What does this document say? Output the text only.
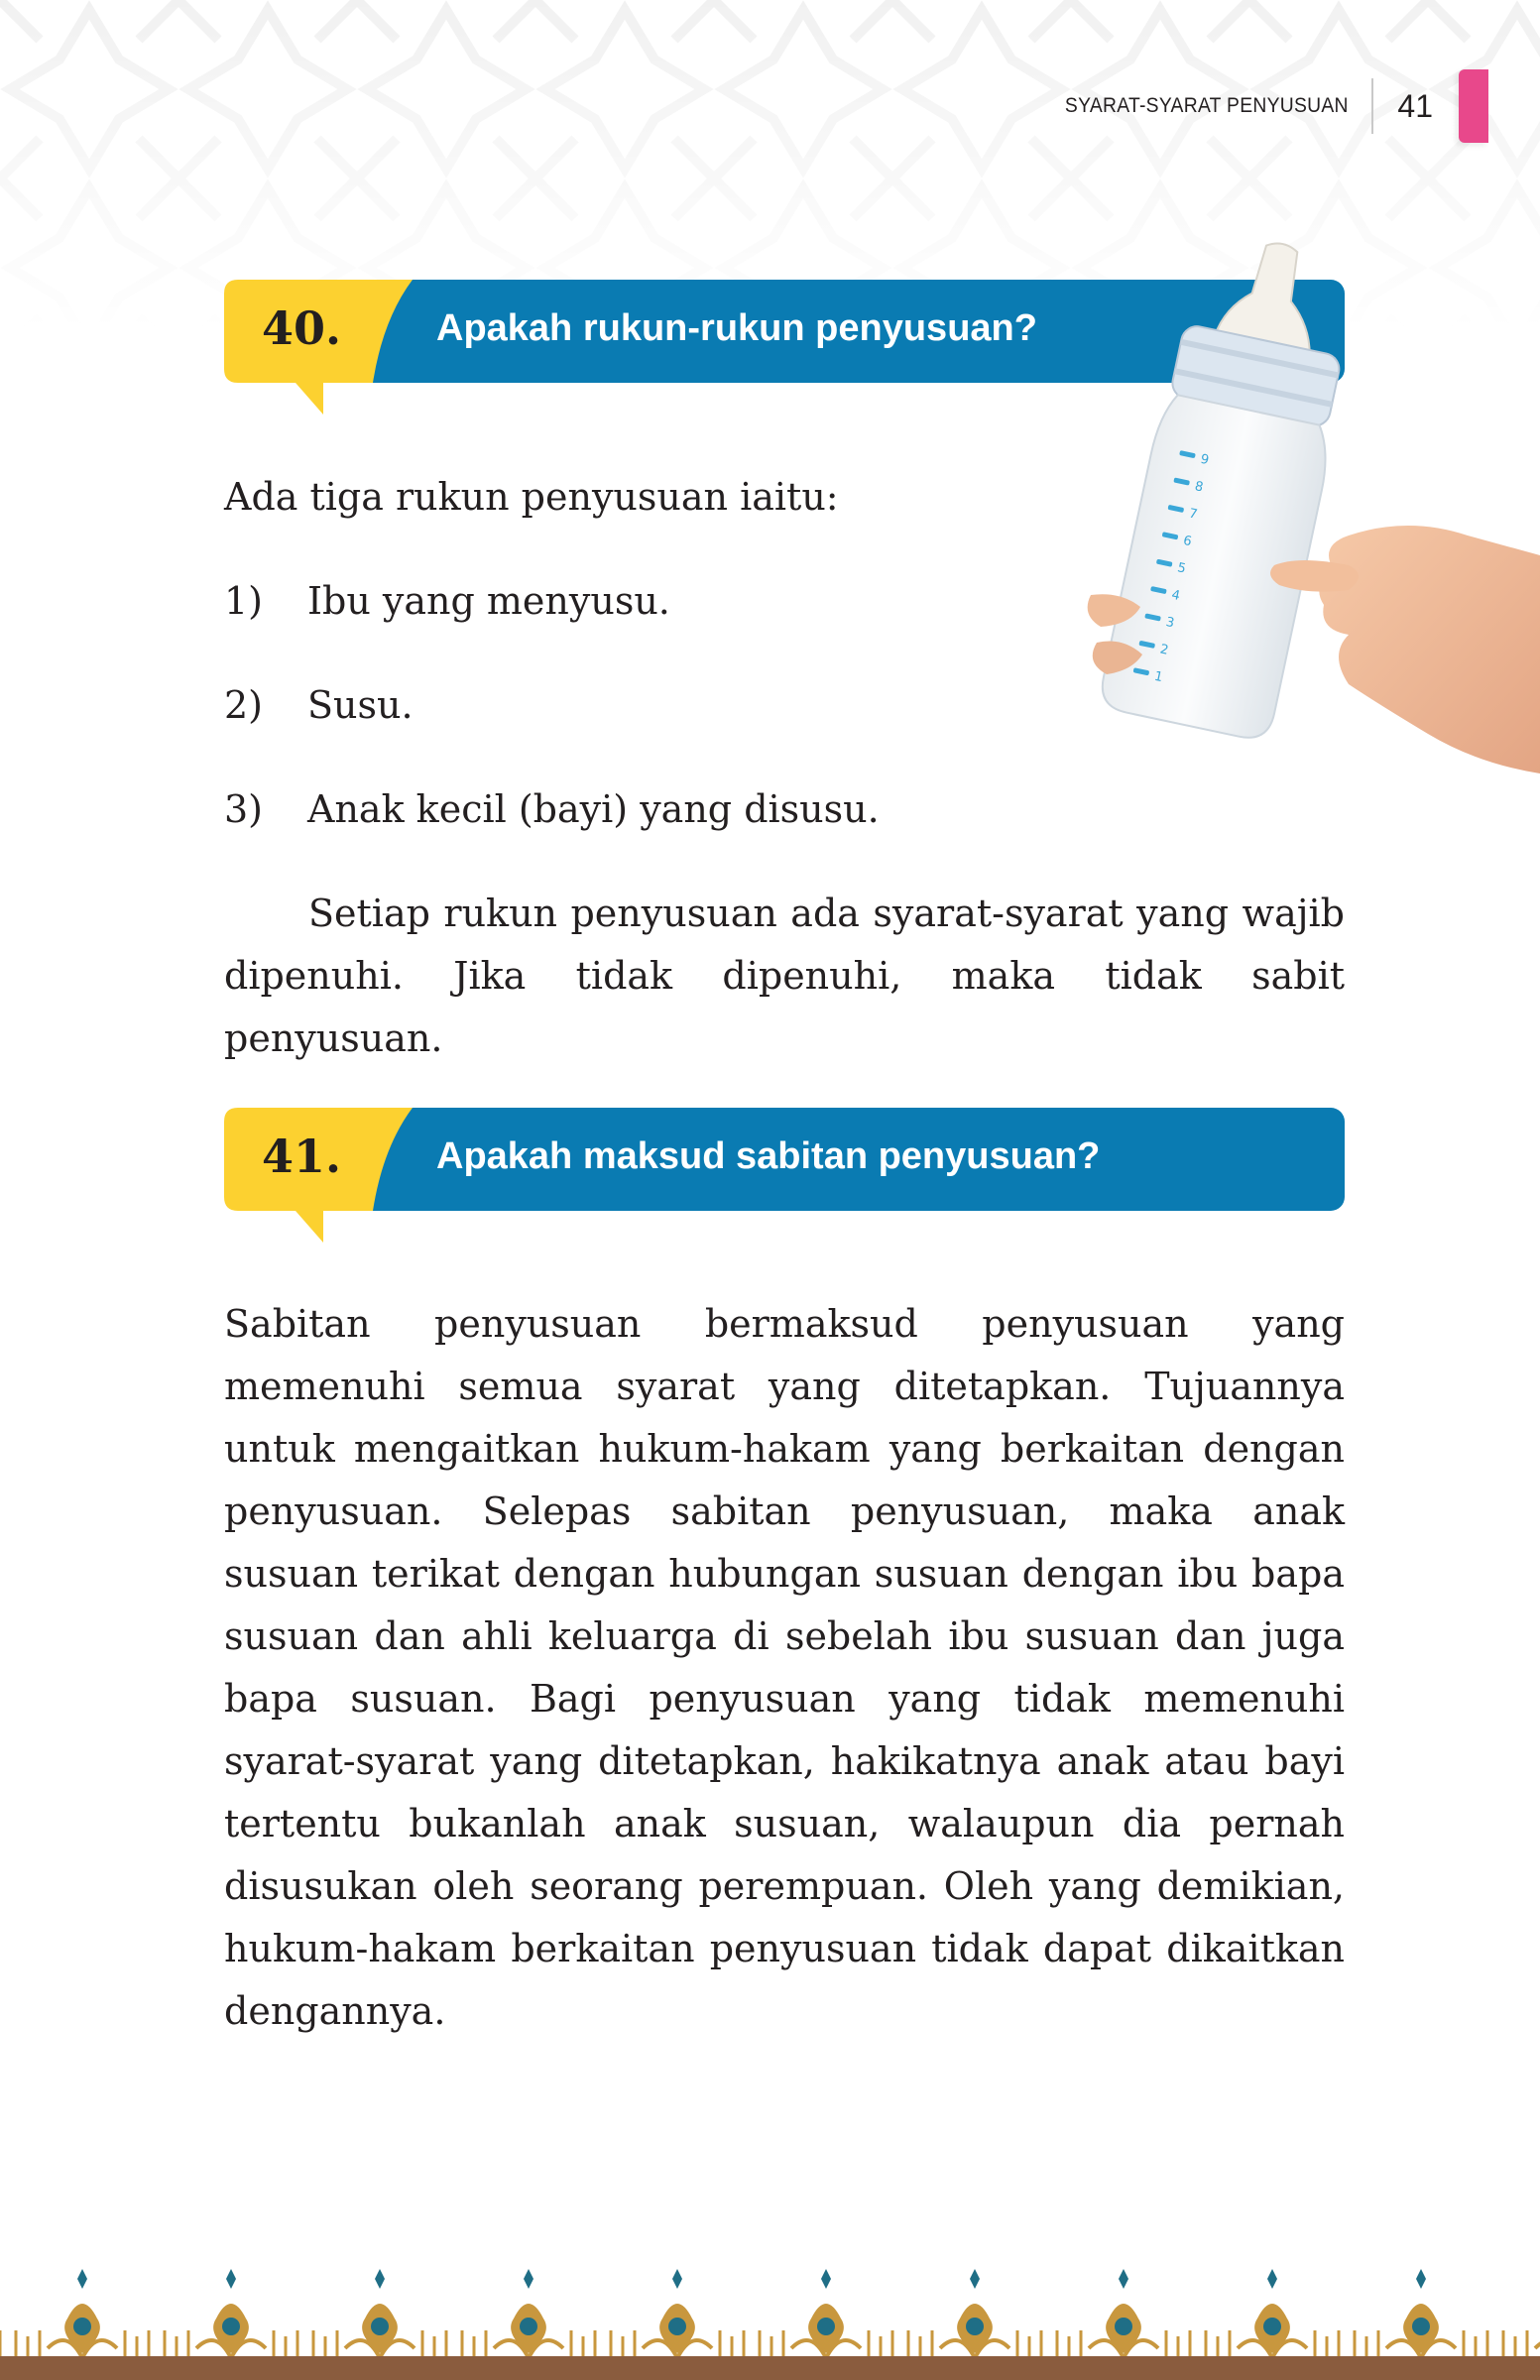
SYARAT-SYARAT PENYUSUAN	41
40.	Apakah rukun-rukun penyusuan?
Ada tiga rukun penyusuan iaitu:
1)	Ibu yang menyusu.
2)	Susu.
3)	Anak kecil (bayi) yang disusu.

Setiap rukun penyusuan ada syarat-syarat yang wajib dipenuhi. Jika tidak dipenuhi, maka tidak sabit penyusuan.

9
8
7
6
5
4
3
2
1
41.	Apakah maksud sabitan penyusuan?

Sabitan penyusuan bermaksud penyusuan yang memenuhi semua syarat yang ditetapkan. Tujuannya untuk mengaitkan hukum-hakam yang berkaitan dengan penyusuan. Selepas sabitan penyusuan, maka anak susuan terikat dengan hubungan susuan dengan ibu bapa susuan dan ahli keluarga di sebelah ibu susuan dan juga bapa susuan. Bagi penyusuan yang tidak memenuhi syarat-syarat yang ditetapkan, hakikatnya anak atau bayi tertentu bukanlah anak susuan, walaupun dia pernah disusukan oleh seorang perempuan. Oleh yang demikian, hukum-hakam berkaitan penyusuan tidak dapat dikaitkan dengannya.
